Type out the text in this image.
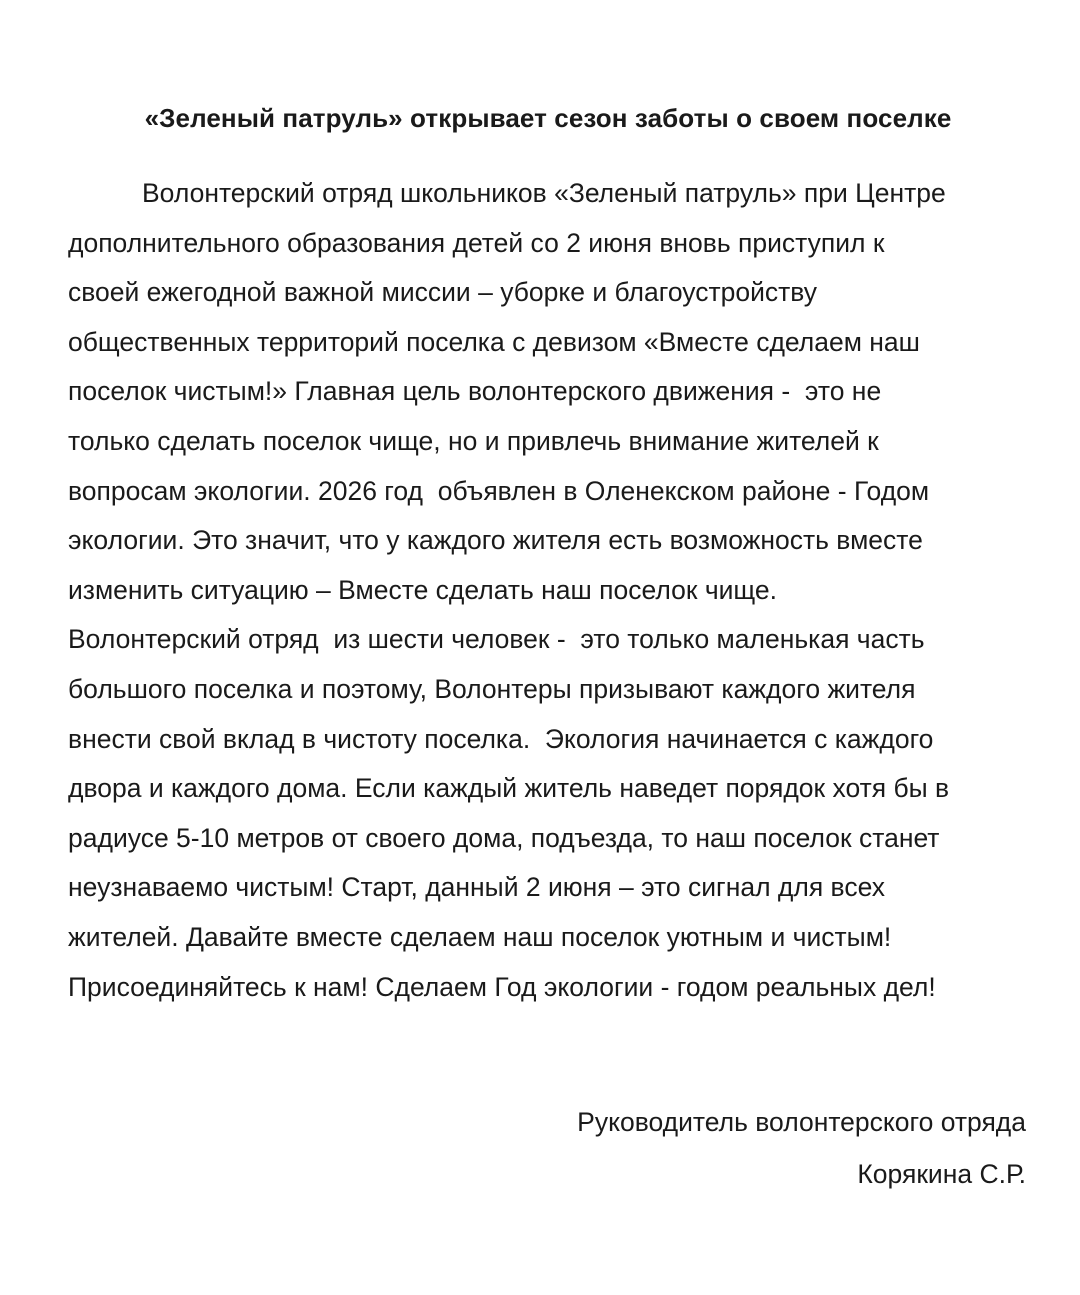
«Зеленый патруль» открывает сезон заботы о своем поселке
Волонтерский отряд школьников «Зеленый патруль» при Центре
дополнительного образования детей со 2 июня вновь приступил к
своей ежегодной важной миссии – уборке и благоустройству
общественных территорий поселка с девизом «Вместе сделаем наш
поселок чистым!» Главная цель волонтерского движения -  это не
только сделать поселок чище, но и привлечь внимание жителей к
вопросам экологии. 2026 год  объявлен в Оленекском районе - Годом
экологии. Это значит, что у каждого жителя есть возможность вместе
изменить ситуацию – Вместе сделать наш поселок чище.
Волонтерский отряд  из шести человек -  это только маленькая часть
большого поселка и поэтому, Волонтеры призывают каждого жителя
внести свой вклад в чистоту поселка.  Экология начинается с каждого
двора и каждого дома. Если каждый житель наведет порядок хотя бы в
радиусе 5-10 метров от своего дома, подъезда, то наш поселок станет
неузнаваемо чистым! Старт, данный 2 июня – это сигнал для всех
жителей. Давайте вместе сделаем наш поселок уютным и чистым!
Присоединяйтесь к нам! Сделаем Год экологии - годом реальных дел!
Руководитель волонтерского отряда
Корякина С.Р.
